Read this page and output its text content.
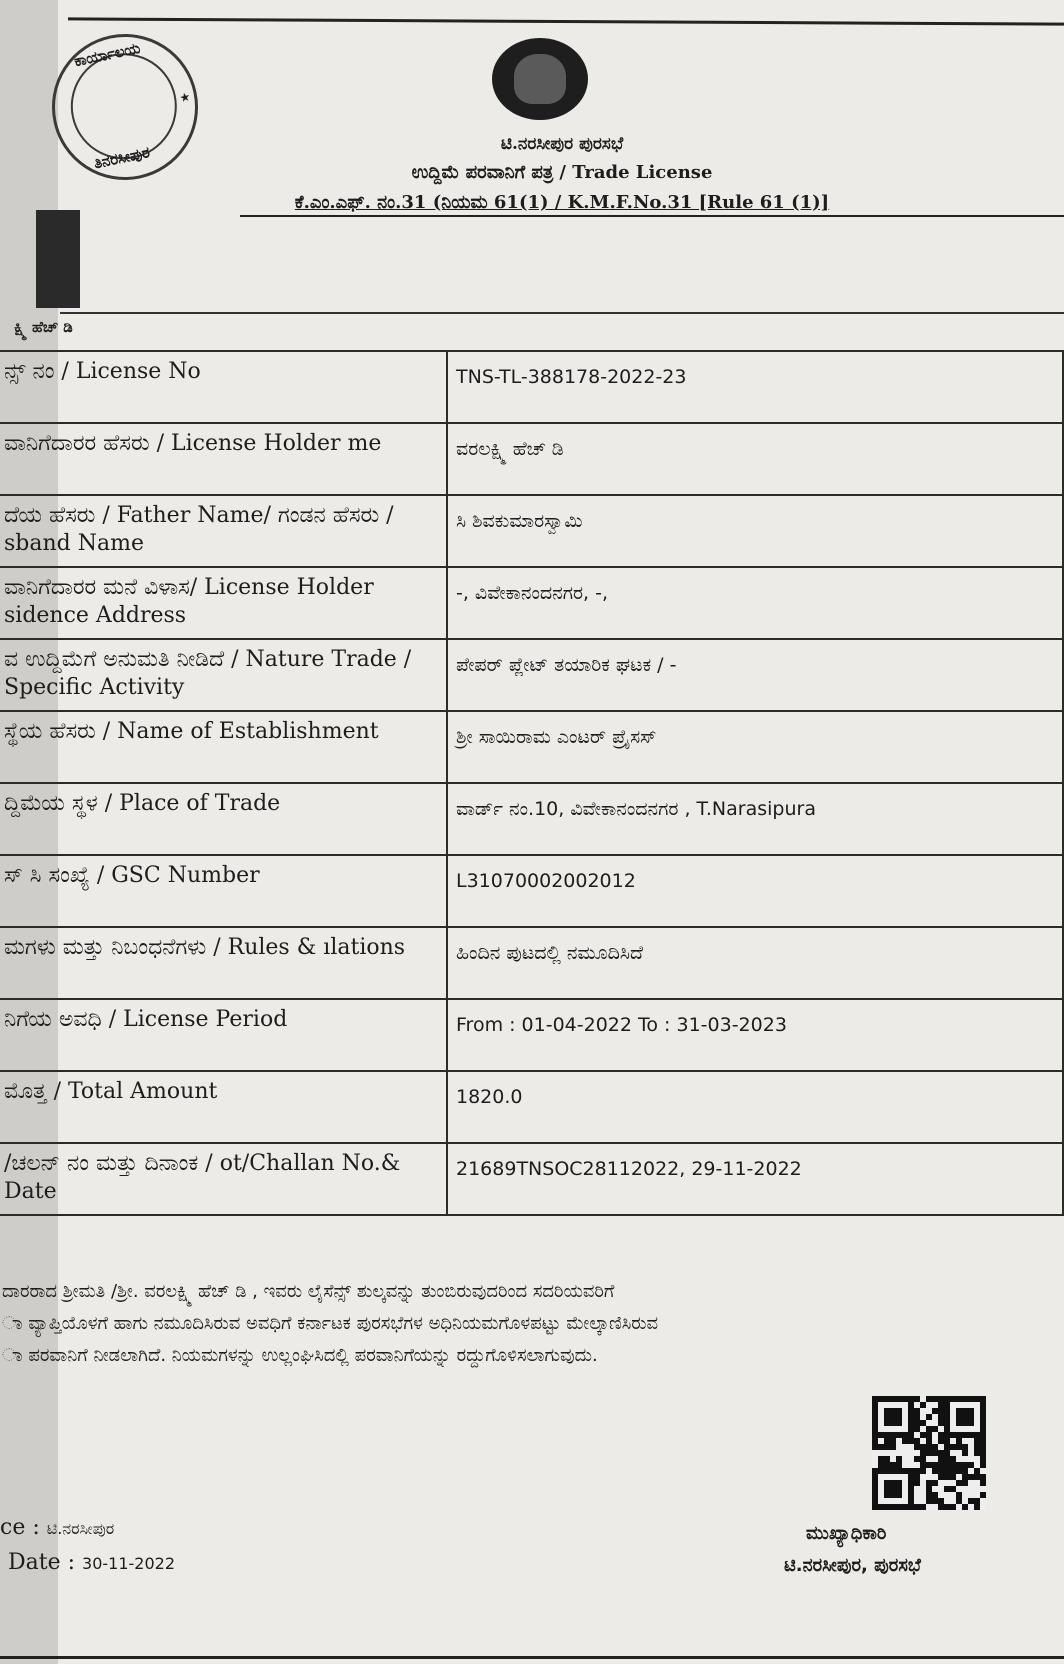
ಕಾರ್ಯಾಲಯ
ತಿನರಸೀಪುರ
★
ಟಿ.ನರಸೀಪುರ ಪುರಸಭೆ
ಉದ್ದಿಮೆ ಪರವಾನಿಗೆ ಪತ್ರ / Trade License
ಕೆ.ಎಂ.ಎಫ್. ನಂ.31 (ನಿಯಮ 61(1) / K.M.F.No.31 [Rule 61 (1)]
ಕ್ಷ್ಮಿ ಹೆಚ್ ಡಿ
ನ್ಸ್ ನಂ / License No	TNS-TL-388178-2022-23
ವಾನಿಗೆದಾರರ ಹೆಸರು / License Holder me	ವರಲಕ್ಷ್ಮಿ ಹೆಚ್ ಡಿ
ದೆಯ ಹೆಸರು / Father Name/ ಗಂಡನ ಹೆಸರು / sband Name	ಸಿ ಶಿವಕುಮಾರಸ್ವಾಮಿ
ವಾನಿಗೆದಾರರ ಮನೆ ವಿಳಾಸ/ License Holder sidence Address	-, ವಿವೇಕಾನಂದನಗರ, -,
ವ ಉದ್ದಿಮೆಗೆ ಅನುಮತಿ ನೀಡಿದೆ / Nature Trade / Specific Activity	ಪೇಪರ್ ಪ್ಲೇಟ್ ತಯಾರಿಕ ಘಟಕ / -
ಸ್ಥೆಯ ಹೆಸರು / Name of Establishment	ಶ್ರೀ ಸಾಯಿರಾಮ ಎಂಟರ್ ಪ್ರೈಸಸ್
ದ್ದಿಮೆಯ ಸ್ಥಳ / Place of Trade	ವಾರ್ಡ್ ನಂ.10, ವಿವೇಕಾನಂದನಗರ , T.Narasipura
ಸ್ ಸಿ ಸಂಖ್ಯೆ / GSC Number	L31070002002012
ಮಗಳು ಮತ್ತು ನಿಬಂಧನೆಗಳು / Rules & ılations	ಹಿಂದಿನ ಪುಟದಲ್ಲಿ ನಮೂದಿಸಿದೆ
ನಿಗೆಯ ಅವಧಿ / License Period	From : 01-04-2022 To : 31-03-2023
ಮೊತ್ತ / Total Amount	1820.0
/ಚಲನ್ ನಂ ಮತ್ತು ದಿನಾಂಕ / ot/Challan No.& Date	21689TNSOC28112022, 29-11-2022
ದಾರರಾದ ಶ್ರೀಮತಿ /ಶ್ರೀ. ವರಲಕ್ಷ್ಮಿ ಹೆಚ್ ಡಿ , ಇವರು ಲೈಸೆನ್ಸ್ ಶುಲ್ಕವನ್ನು ತುಂಬಿರುವುದರಿಂದ ಸದರಿಯವರಿಗೆ
ಾ ವ್ಯಾಪ್ತಿಯೊಳಗೆ ಹಾಗು ನಮೂದಿಸಿರುವ ಅವಧಿಗೆ ಕರ್ನಾಟಕ ಪುರಸಭೆಗಳ ಅಧಿನಿಯಮಗೊಳಪಟ್ಟು ಮೇಲ್ಕಾಣಿಸಿರುವ
ಾ ಪರವಾನಿಗೆ ನೀಡಲಾಗಿದೆ. ನಿಯಮಗಳನ್ನು ಉಲ್ಲಂಘಿಸಿದಲ್ಲಿ ಪರವಾನಿಗೆಯನ್ನು ರದ್ದುಗೊಳಿಸಲಾಗುವುದು.
ಮುಖ್ಯಾಧಿಕಾರಿ
ಟಿ.ನರಸೀಪುರ, ಪುರಸಭೆ
ce : ಟಿ.ನರಸೀಪುರ
Date : 30-11-2022
